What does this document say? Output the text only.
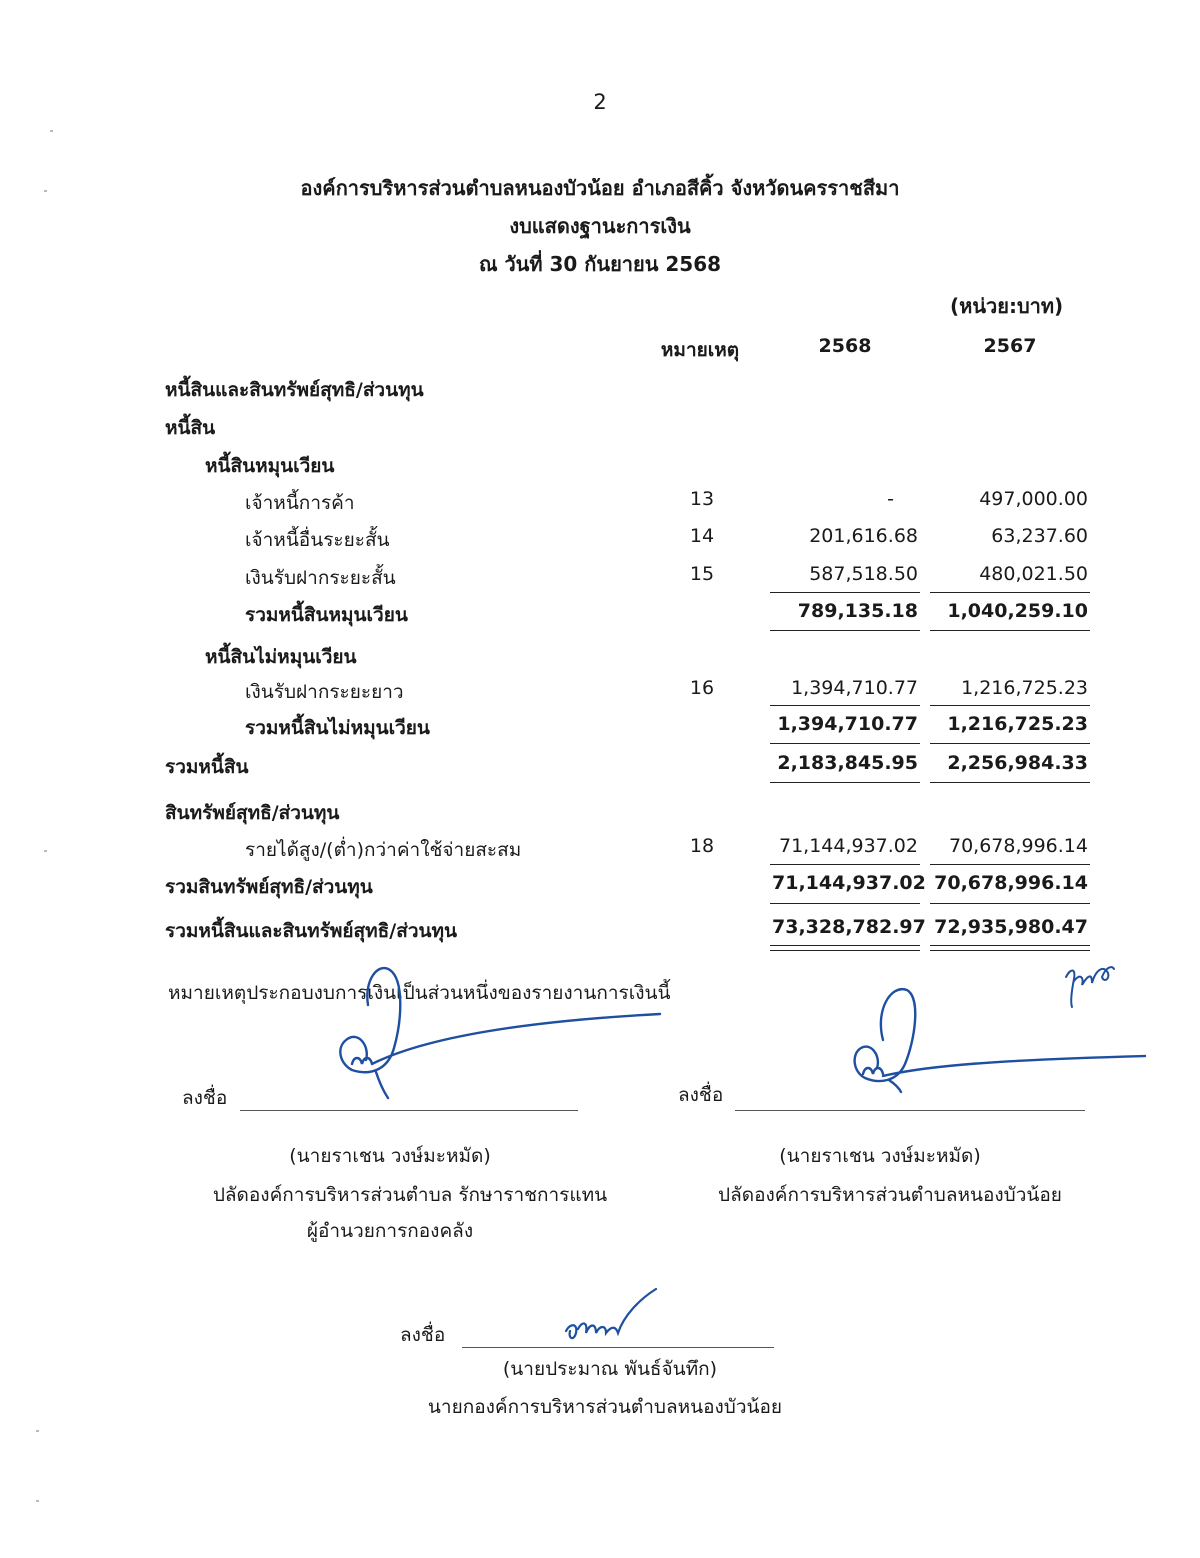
2
องค์การบริหารส่วนตำบลหนองบัวน้อย อำเภอสีคิ้ว จังหวัดนครราชสีมา
งบแสดงฐานะการเงิน
ณ วันที่ 30 กันยายน 2568
(หน่วย:บาท)
หมายเหตุ	2568	2567
หนี้สินและสินทรัพย์สุทธิ/ส่วนทุน
หนี้สิน
หนี้สินหมุนเวียน
เจ้าหนี้การค้า	13	-	497,000.00
เจ้าหนี้อื่นระยะสั้น	14	201,616.68	63,237.60
เงินรับฝากระยะสั้น	15	587,518.50	480,021.50
รวมหนี้สินหมุนเวียน	789,135.18	1,040,259.10
หนี้สินไม่หมุนเวียน
เงินรับฝากระยะยาว	16	1,394,710.77	1,216,725.23
รวมหนี้สินไม่หมุนเวียน	1,394,710.77	1,216,725.23
รวมหนี้สิน	2,183,845.95	2,256,984.33
สินทรัพย์สุทธิ/ส่วนทุน
รายได้สูง/(ต่ำ)กว่าค่าใช้จ่ายสะสม	18	71,144,937.02	70,678,996.14
รวมสินทรัพย์สุทธิ/ส่วนทุน	71,144,937.02 70,678,996.14
รวมหนี้สินและสินทรัพย์สุทธิ/ส่วนทุน	73,328,782.97 72,935,980.47
หมายเหตุประกอบงบการเงินเป็นส่วนหนึ่งของรายงานการเงินนี้
ลงชื่อ
(นายราเชน วงษ์มะหมัด)
ปลัดองค์การบริหารส่วนตำบล รักษาราชการแทน
ผู้อำนวยการกองคลัง
ลงชื่อ
(นายราเชน วงษ์มะหมัด)
ปลัดองค์การบริหารส่วนตำบลหนองบัวน้อย
ลงชื่อ
(นายประมาณ พันธ์จันทึก)
นายกองค์การบริหารส่วนตำบลหนองบัวน้อย
